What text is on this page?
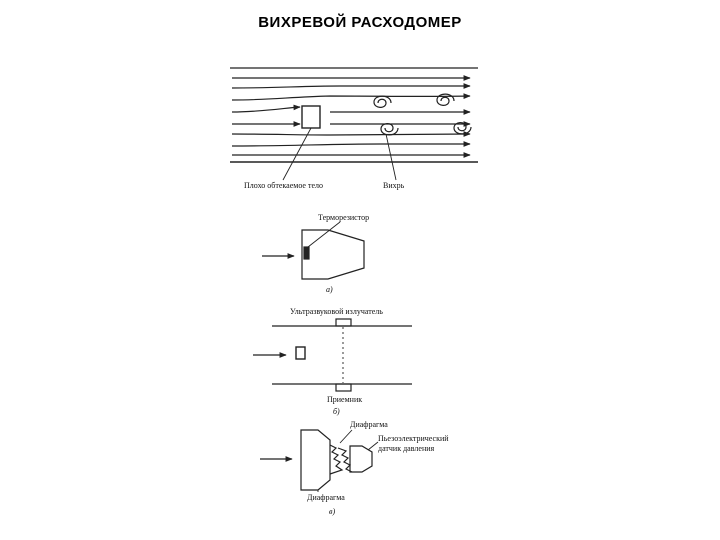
ВИХРЕВОЙ РАСХОДОМЕР
Плохо обтекаемое тело	Вихрь
Терморезистор
а)
Ультразвуковой излучатель
Приемник
б)
Диафрагма
Пьезоэлектрический
датчик давления
Диафрагма
в)
